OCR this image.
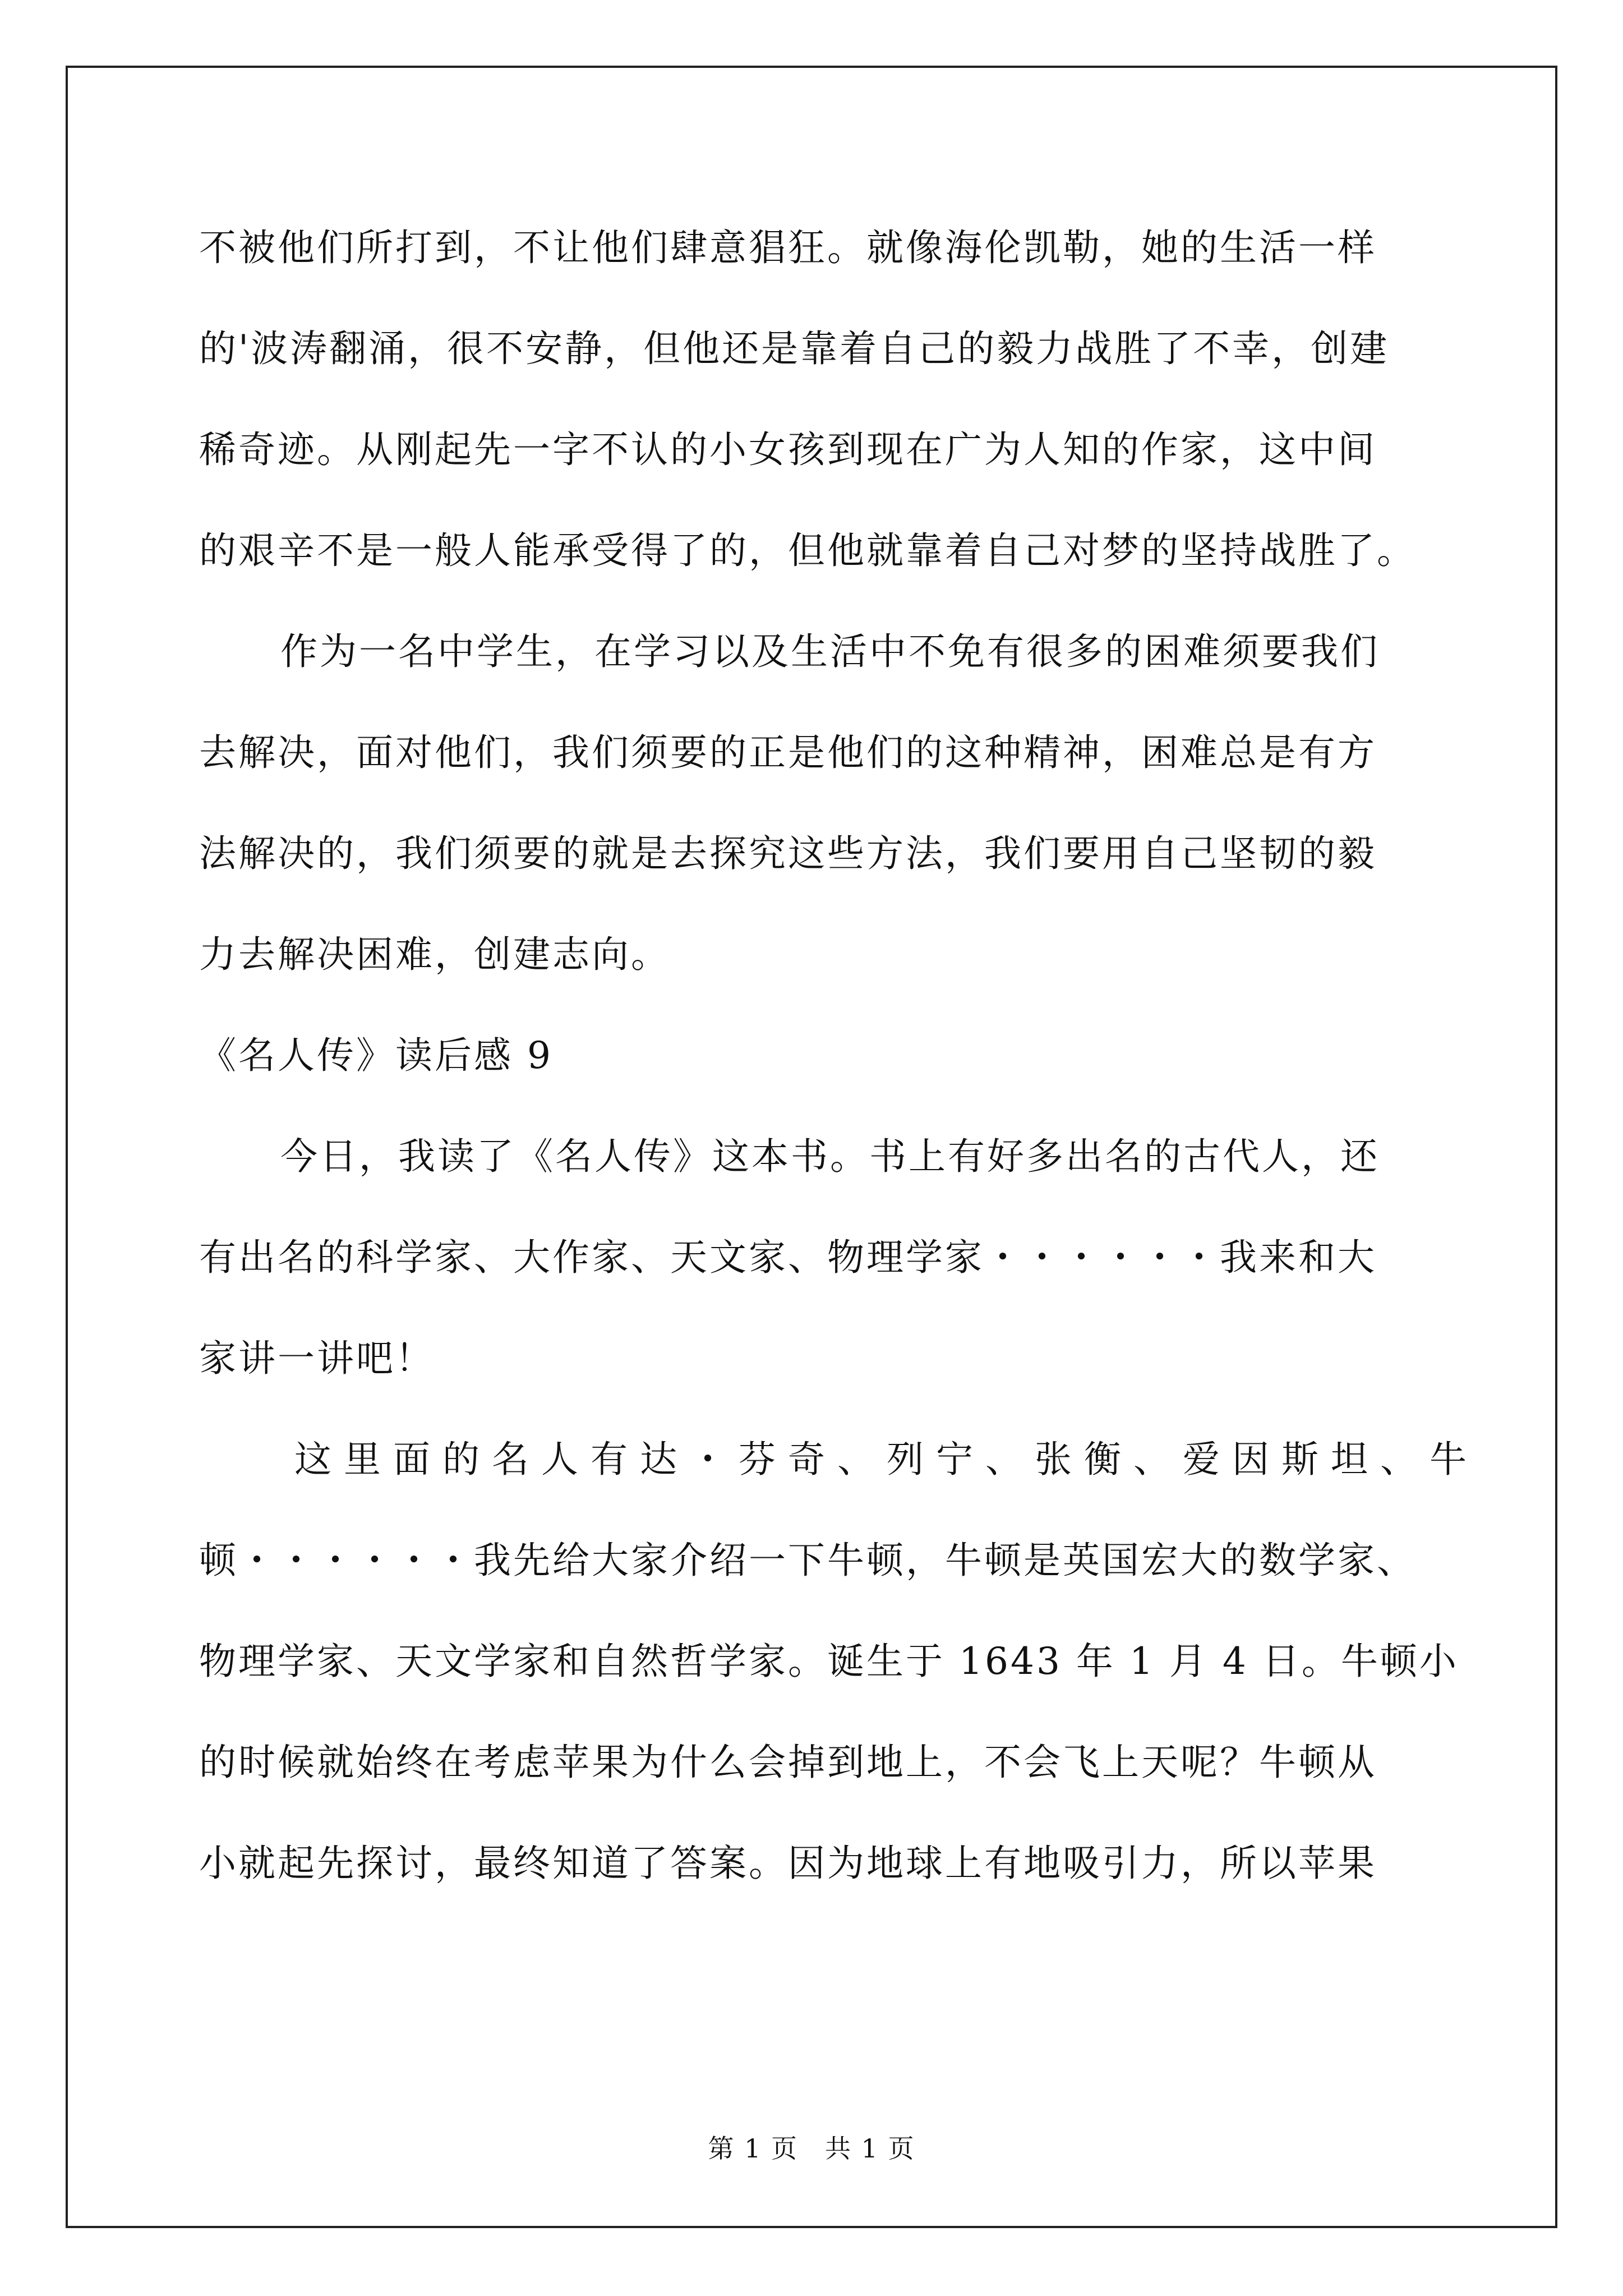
不被他们所打到，不让他们肆意猖狂。就像海伦凯勒，她的生活一样
的'波涛翻涌，很不安静，但他还是靠着自己的毅力战胜了不幸，创建
稀奇迹。从刚起先一字不认的小女孩到现在广为人知的作家，这中间
的艰辛不是一般人能承受得了的，但他就靠着自己对梦的坚持战胜了。
作为一名中学生，在学习以及生活中不免有很多的困难须要我们
去解决，面对他们，我们须要的正是他们的这种精神，困难总是有方
法解决的，我们须要的就是去探究这些方法，我们要用自己坚韧的毅
力去解决困难，创建志向。
《名人传》读后感 9
今日，我读了《名人传》这本书。书上有好多出名的古代人，还
有出名的科学家、大作家、天文家、物理学家・・・・・・我来和大
家讲一讲吧！
这里面的名人有达・芬奇、列宁、张衡、爱因斯坦、牛
顿・・・・・・我先给大家介绍一下牛顿，牛顿是英国宏大的数学家、
物理学家、天文学家和自然哲学家。诞生于 1643 年 1 月 4 日。牛顿小
的时候就始终在考虑苹果为什么会掉到地上，不会飞上天呢？牛顿从
小就起先探讨，最终知道了答案。因为地球上有地吸引力，所以苹果
第 1 页　共 1 页
